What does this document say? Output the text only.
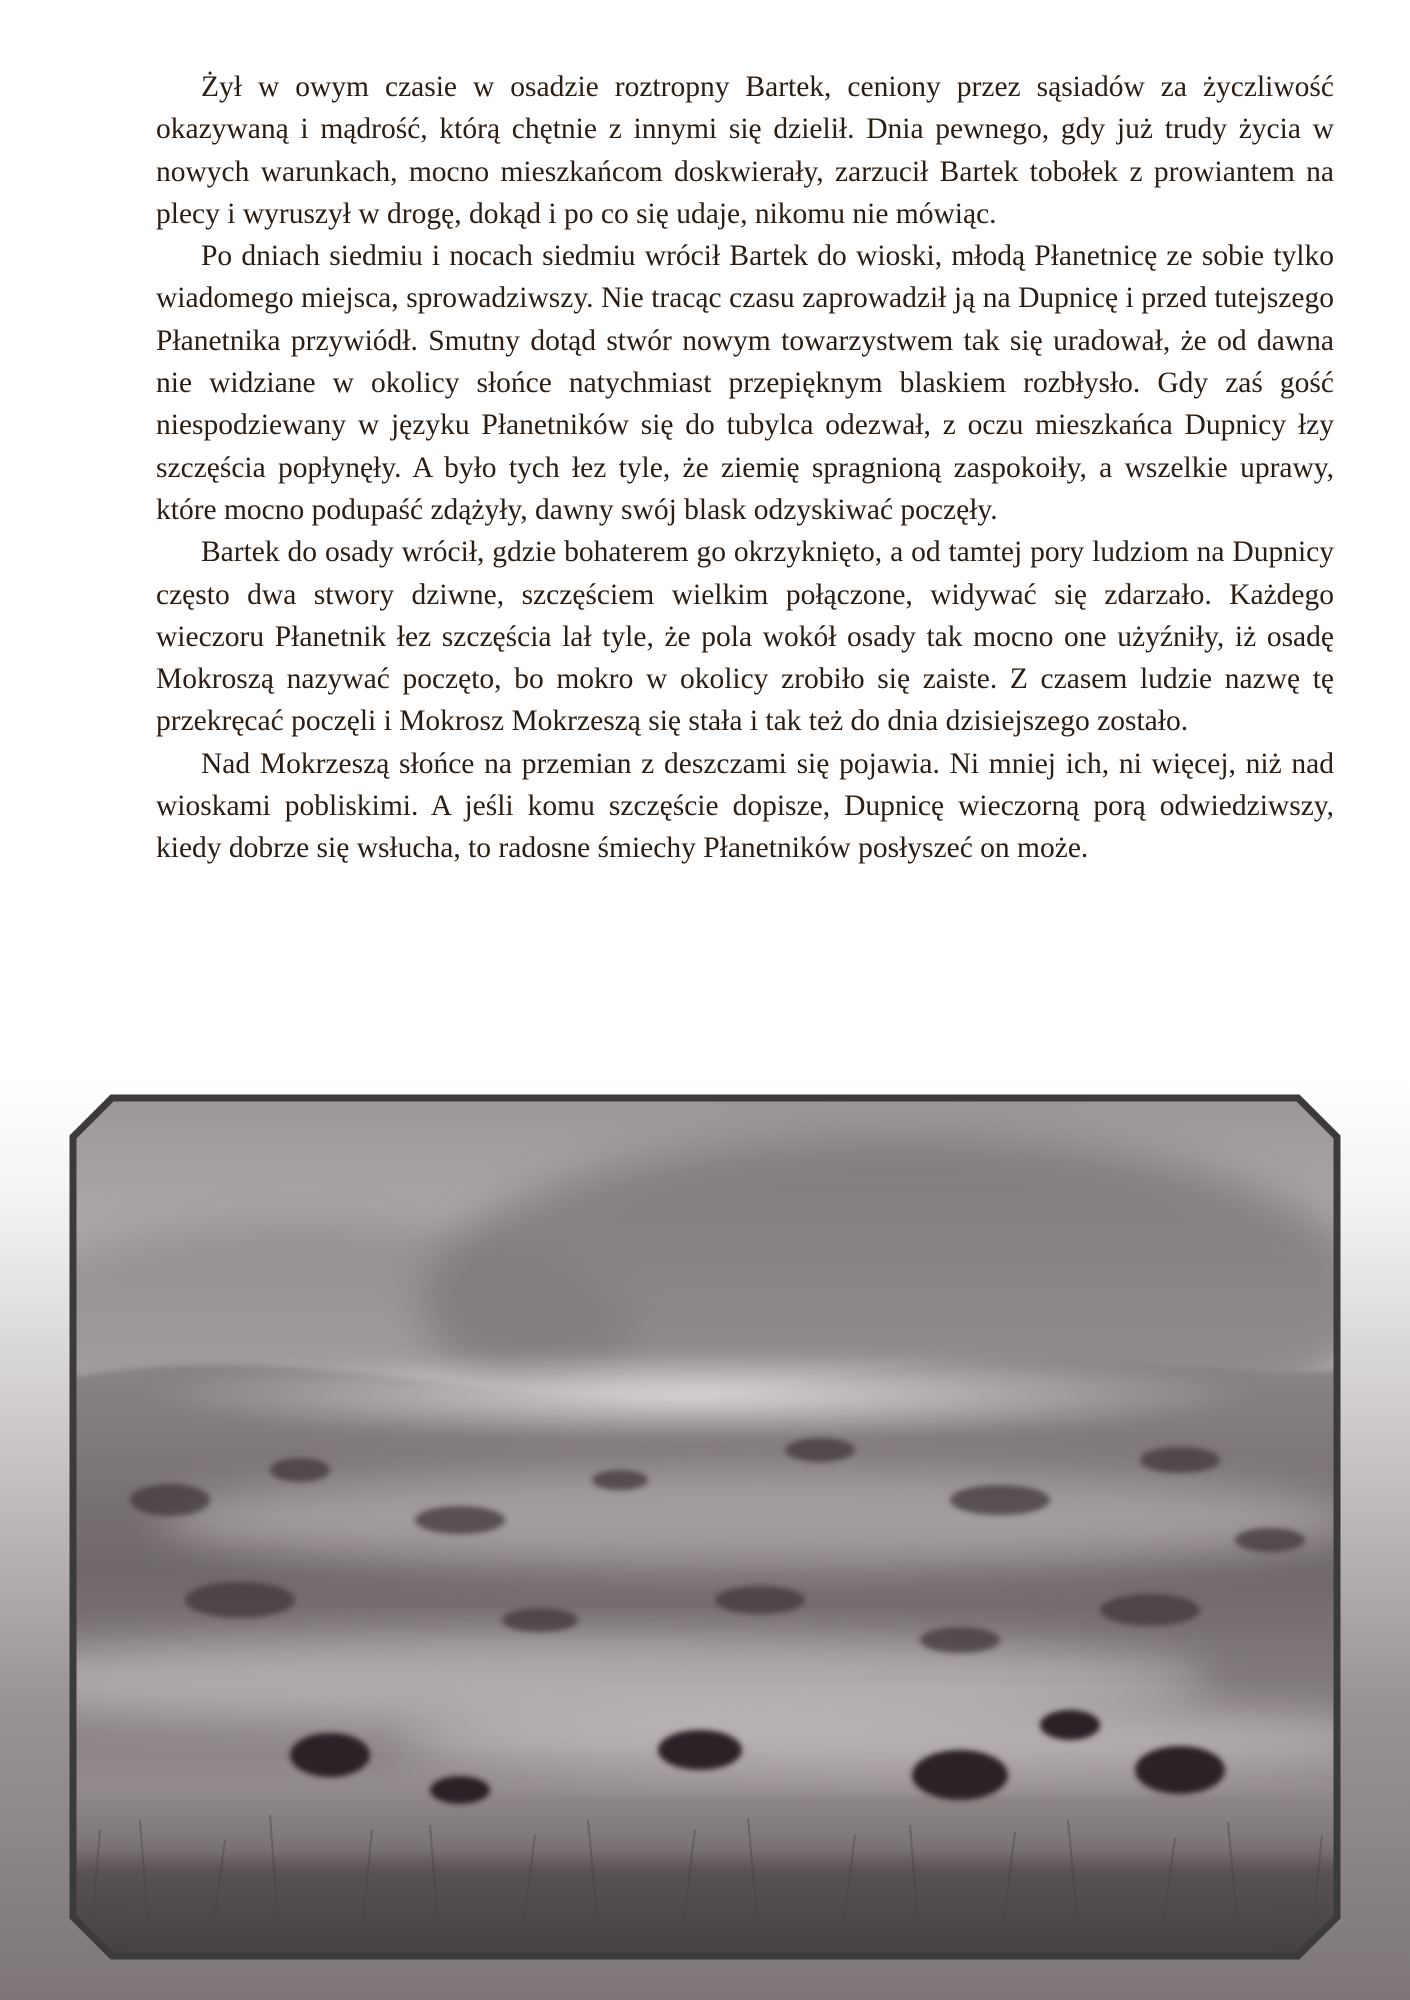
Żył w owym czasie w osadzie roztropny Bartek, ceniony przez sąsiadów za życzliwość okazywaną i mądrość, którą chętnie z innymi się dzielił. Dnia pewnego, gdy już trudy życia w nowych warunkach, mocno mieszkańcom doskwierały, zarzucił Bartek tobołek z prowiantem na plecy i wyruszył w drogę, dokąd i po co się udaje, nikomu nie mówiąc.

Po dniach siedmiu i nocach siedmiu wrócił Bartek do wioski, młodą Płanetnicę ze sobie tylko wiadomego miejsca, sprowadziwszy. Nie tracąc czasu zaprowadził ją na Dupnicę i przed tutejszego Płanetnika przywiódł. Smutny dotąd stwór nowym towarzystwem tak się uradował, że od dawna nie widziane w okolicy słońce natychmiast przepięknym blaskiem rozbłysło. Gdy zaś gość niespodziewany w języku Płanetników się do tubylca odezwał, z oczu mieszkańca Dupnicy łzy szczęścia popłynęły. A było tych łez tyle, że ziemię spragnioną zaspokoiły, a wszelkie uprawy, które mocno podupaść zdążyły, dawny swój blask odzyskiwać poczęły.

Bartek do osady wrócił, gdzie bohaterem go okrzyknięto, a od tamtej pory ludziom na Dupnicy często dwa stwory dziwne, szczęściem wielkim połączone, widywać się zdarzało. Każdego wieczoru Płanetnik łez szczęścia lał tyle, że pola wokół osady tak mocno one użyźniły, iż osadę Mokroszą nazywać poczęto, bo mokro w okolicy zrobiło się zaiste. Z czasem ludzie nazwę tę przekręcać poczęli i Mokrosz Mokrzeszą się stała i tak też do dnia dzisiejszego zostało.

Nad Mokrzeszą słońce na przemian z deszczami się pojawia. Ni mniej ich, ni więcej, niż nad wioskami pobliskimi. A jeśli komu szczęście dopisze, Dupnicę wieczorną porą odwiedziwszy, kiedy dobrze się wsłucha, to radosne śmiechy Płanetników posłyszeć on może.
